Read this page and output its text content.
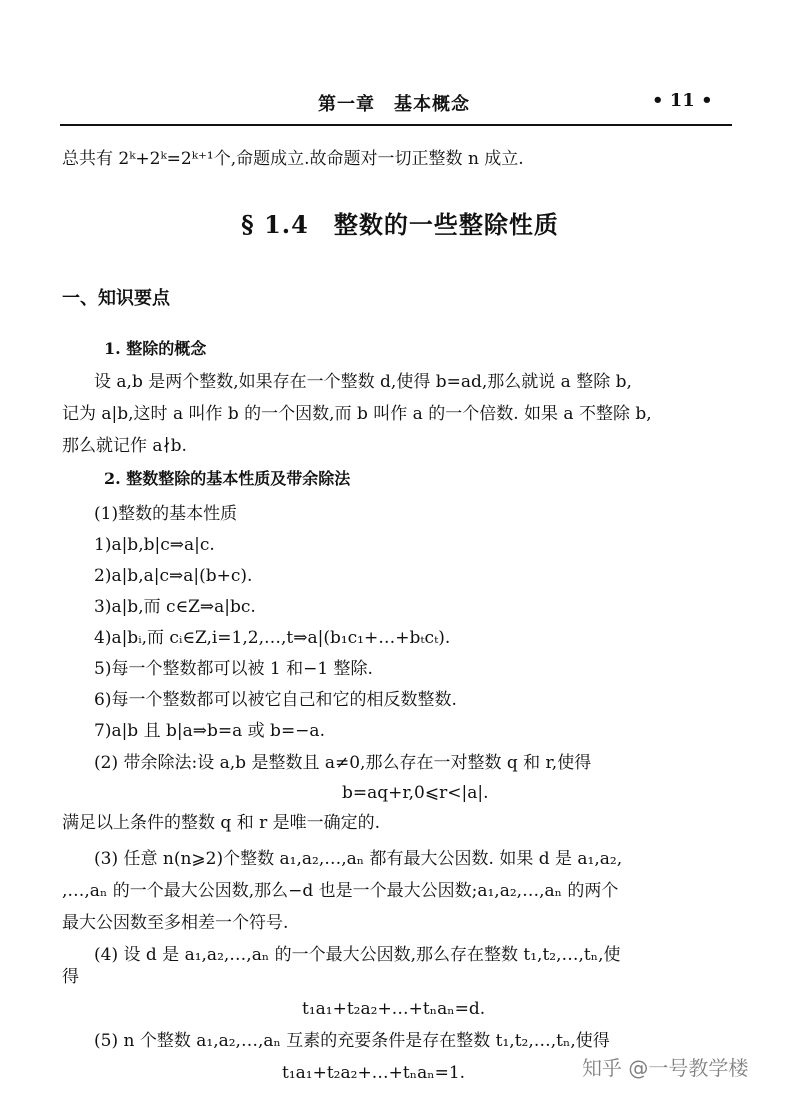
第一章　基本概念	• 11 •
总共有 2ᵏ+2ᵏ=2ᵏ⁺¹个,命题成立.故命题对一切正整数 n 成立.
§ 1.4　整数的一些整除性质
一、知识要点
1. 整除的概念
设 a,b 是两个整数,如果存在一个整数 d,使得 b=ad,那么就说 a 整除 b,
记为 a|b,这时 a 叫作 b 的一个因数,而 b 叫作 a 的一个倍数. 如果 a 不整除 b,
那么就记作 a∤b.
2. 整数整除的基本性质及带余除法
(1)整数的基本性质
1)a|b,b|c⇒a|c.
2)a|b,a|c⇒a|(b+c).
3)a|b,而 c∈Z⇒a|bc.
4)a|bᵢ,而 cᵢ∈Z,i=1,2,…,t⇒a|(b₁c₁+…+bₜcₜ).
5)每一个整数都可以被 1 和−1 整除.
6)每一个整数都可以被它自己和它的相反数整数.
7)a|b 且 b|a⇒b=a 或 b=−a.
(2) 带余除法:设 a,b 是整数且 a≠0,那么存在一对整数 q 和 r,使得
b=aq+r,0⩽r<|a|.
满足以上条件的整数 q 和 r 是唯一确定的.
(3) 任意 n(n⩾2)个整数 a₁,a₂,…,aₙ 都有最大公因数. 如果 d 是 a₁,a₂,
,…,aₙ 的一个最大公因数,那么−d 也是一个最大公因数;a₁,a₂,…,aₙ 的两个
最大公因数至多相差一个符号.
(4) 设 d 是 a₁,a₂,…,aₙ 的一个最大公因数,那么存在整数 t₁,t₂,…,tₙ,使
得
t₁a₁+t₂a₂+…+tₙaₙ=d.
(5) n 个整数 a₁,a₂,…,aₙ 互素的充要条件是存在整数 t₁,t₂,…,tₙ,使得
t₁a₁+t₂a₂+…+tₙaₙ=1.	知乎 @一号教学楼
